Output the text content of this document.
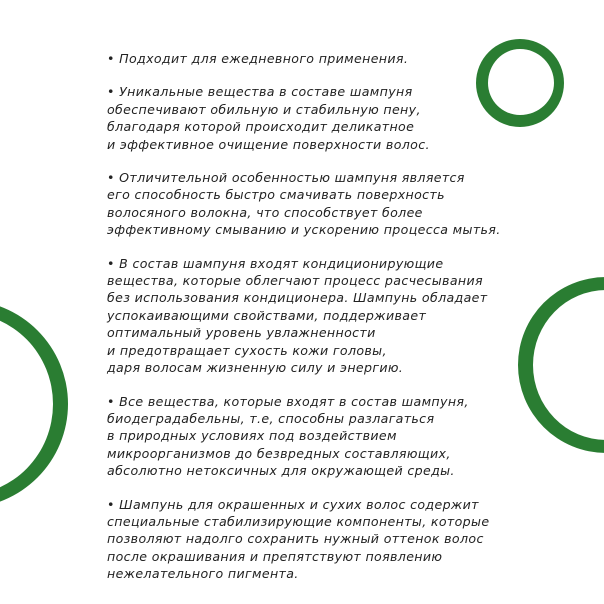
• Подходит для ежедневного применения.

• Уникальные вещества в составе шампуня
обеспечивают обильную и стабильную пену,
благодаря которой происходит деликатное
и эффективное очищение поверхности волос.

• Отличительной особенностью шампуня является
его способность быстро смачивать поверхность
волосяного волокна, что способствует более
эффективному смыванию и ускорению процесса мытья.

• В состав шампуня входят кондиционирующие
вещества, которые облегчают процесс расчесывания
без использования кондиционера. Шампунь обладает
успокаивающими свойствами, поддерживает
оптимальный уровень увлажненности
и предотвращает сухость кожи головы,
даря волосам жизненную силу и энергию.

• Все вещества, которые входят в состав шампуня,
биодеградабельны, т.е, способны разлагаться
в природных условиях под воздействием
микроорганизмов до безвредных составляющих,
абсолютно нетоксичных для окружающей среды.

• Шампунь для окрашенных и сухих волос содержит
специальные стабилизирующие компоненты, которые
позволяют надолго сохранить нужный оттенок волос
после окрашивания и препятствуют появлению
нежелательного пигмента.
